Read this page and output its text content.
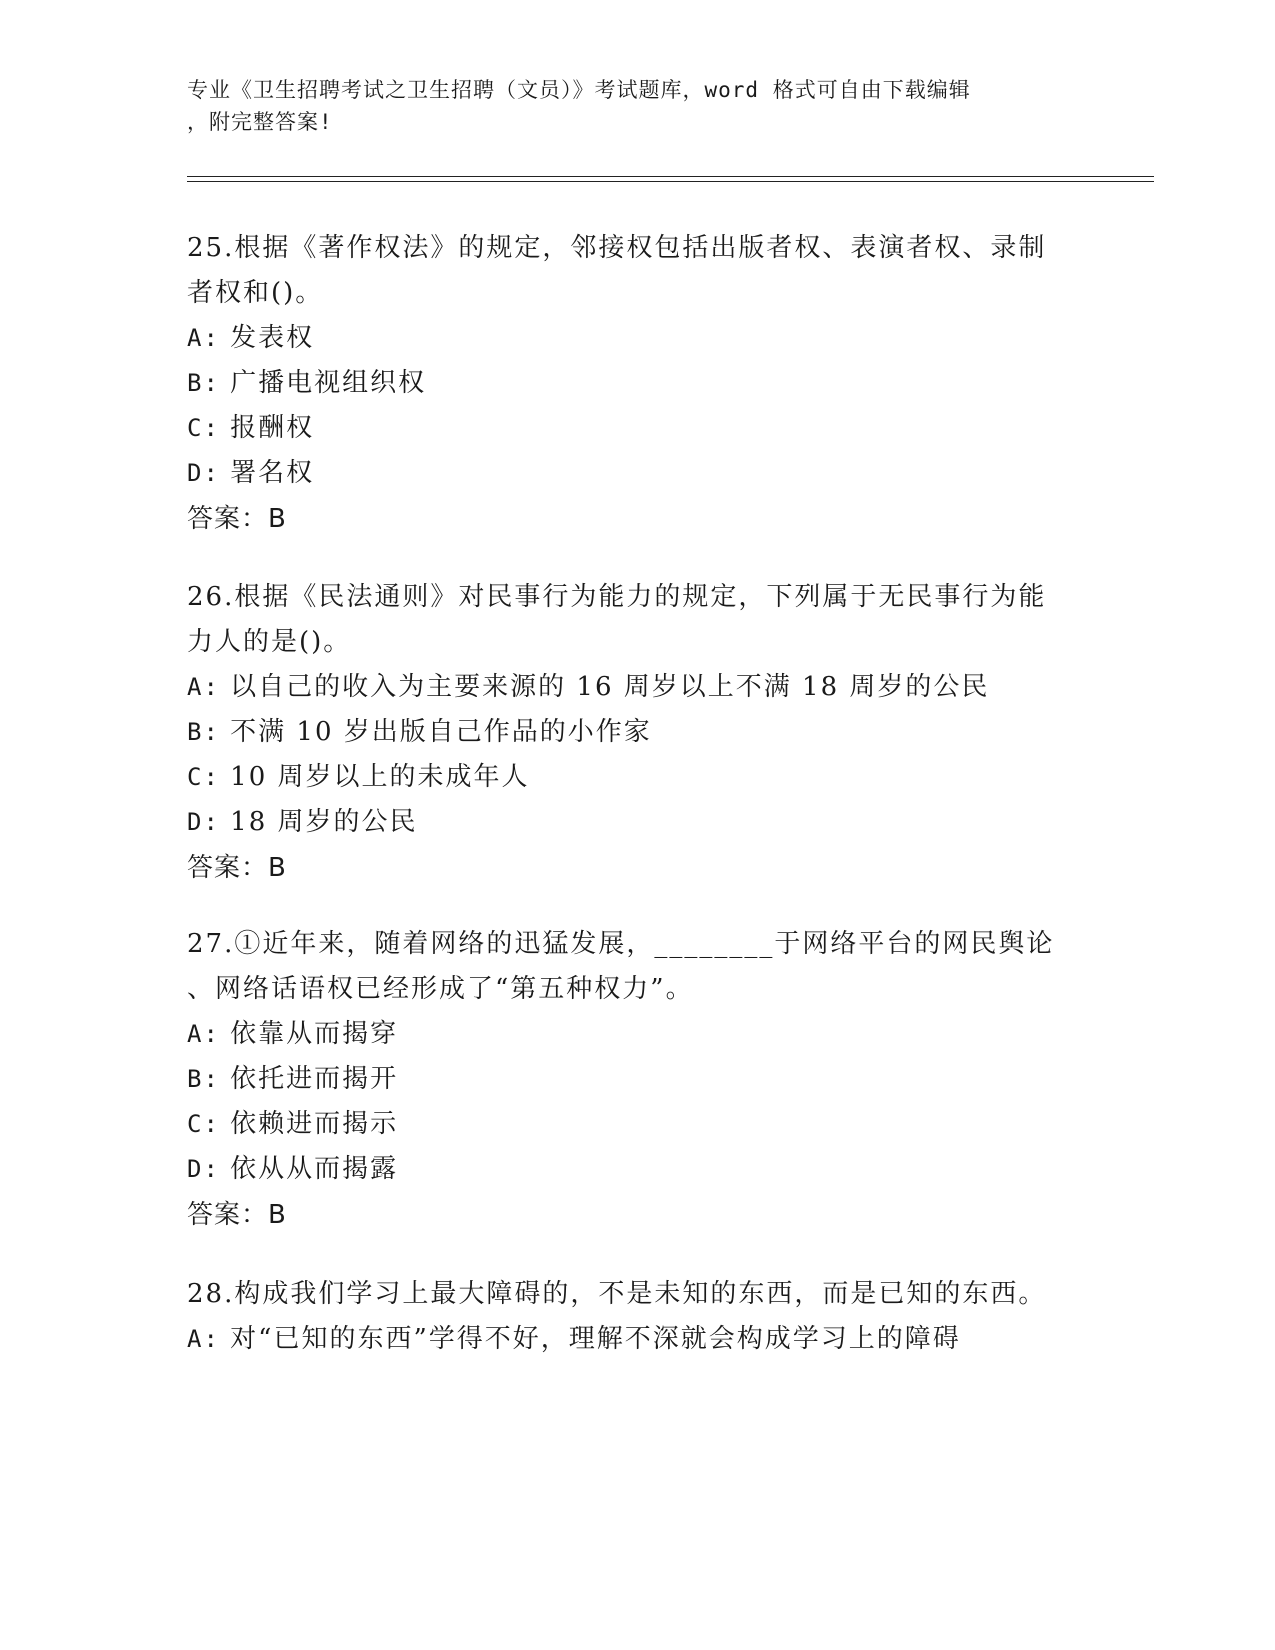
专业《卫生招聘考试之卫生招聘（文员）》考试题库，word 格式可自由下载编辑
，附完整答案!

25.根据《著作权法》的规定，邻接权包括出版者权、表演者权、录制
者权和()。

A: 发表权

B: 广播电视组织权

C: 报酬权

D: 署名权

答案：B

26.根据《民法通则》对民事行为能力的规定，下列属于无民事行为能
力人的是()。

A: 以自己的收入为主要来源的 16 周岁以上不满 18 周岁的公民

B: 不满 10 岁出版自己作品的小作家

C: 10 周岁以上的未成年人

D: 18 周岁的公民

答案：B

27.①近年来，随着网络的迅猛发展，________于网络平台的网民舆论
、网络话语权已经形成了“第五种权力”。

A: 依靠从而揭穿

B: 依托进而揭开

C: 依赖进而揭示

D: 依从从而揭露

答案：B

28.构成我们学习上最大障碍的，不是未知的东西，而是已知的东西。

A: 对“已知的东西”学得不好，理解不深就会构成学习上的障碍
